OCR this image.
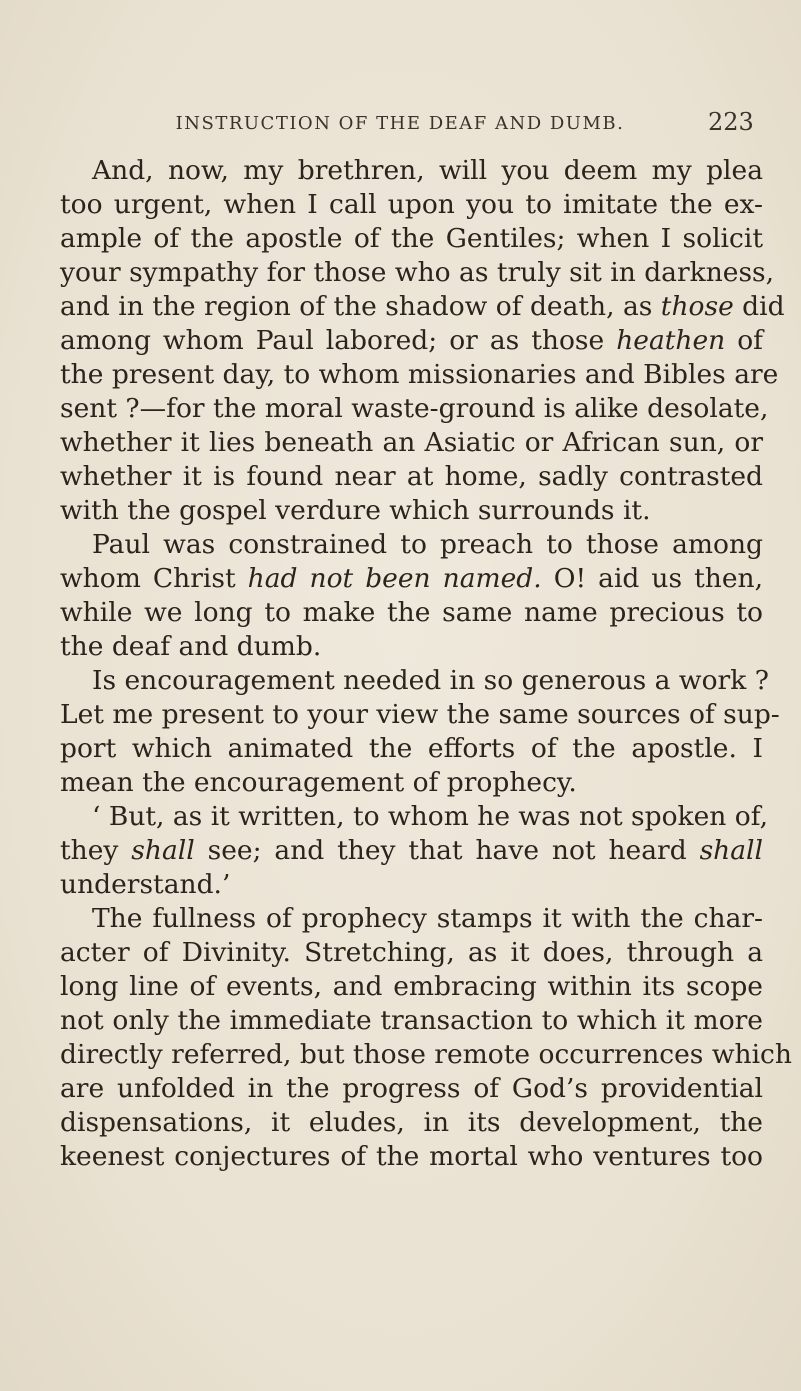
INSTRUCTION OF THE DEAF AND DUMB.	223
And, now, my brethren, will you deem my plea
too urgent, when I call upon you to imitate the ex-
ample of the apostle of the Gentiles; when I solicit
your sympathy for those who as truly sit in darkness,
and in the region of the shadow of death, as those did
among whom Paul labored; or as those heathen of
the present day, to whom missionaries and Bibles are
sent ?—for the moral waste-ground is alike desolate,
whether it lies beneath an Asiatic or African sun, or
whether it is found near at home, sadly contrasted
with the gospel verdure which surrounds it.
Paul was constrained to preach to those among
whom Christ had not been named. O! aid us then,
while we long to make the same name precious to
the deaf and dumb.
Is encouragement needed in so generous a work ?
Let me present to your view the same sources of sup-
port which animated the efforts of the apostle. I
mean the encouragement of prophecy.
‘ But, as it written, to whom he was not spoken of,
they shall see; and they that have not heard shall
understand.’
The fullness of prophecy stamps it with the char-
acter of Divinity. Stretching, as it does, through a
long line of events, and embracing within its scope
not only the immediate transaction to which it more
directly referred, but those remote occurrences which
are unfolded in the progress of God’s providential
dispensations, it eludes, in its development, the
keenest conjectures of the mortal who ventures too
